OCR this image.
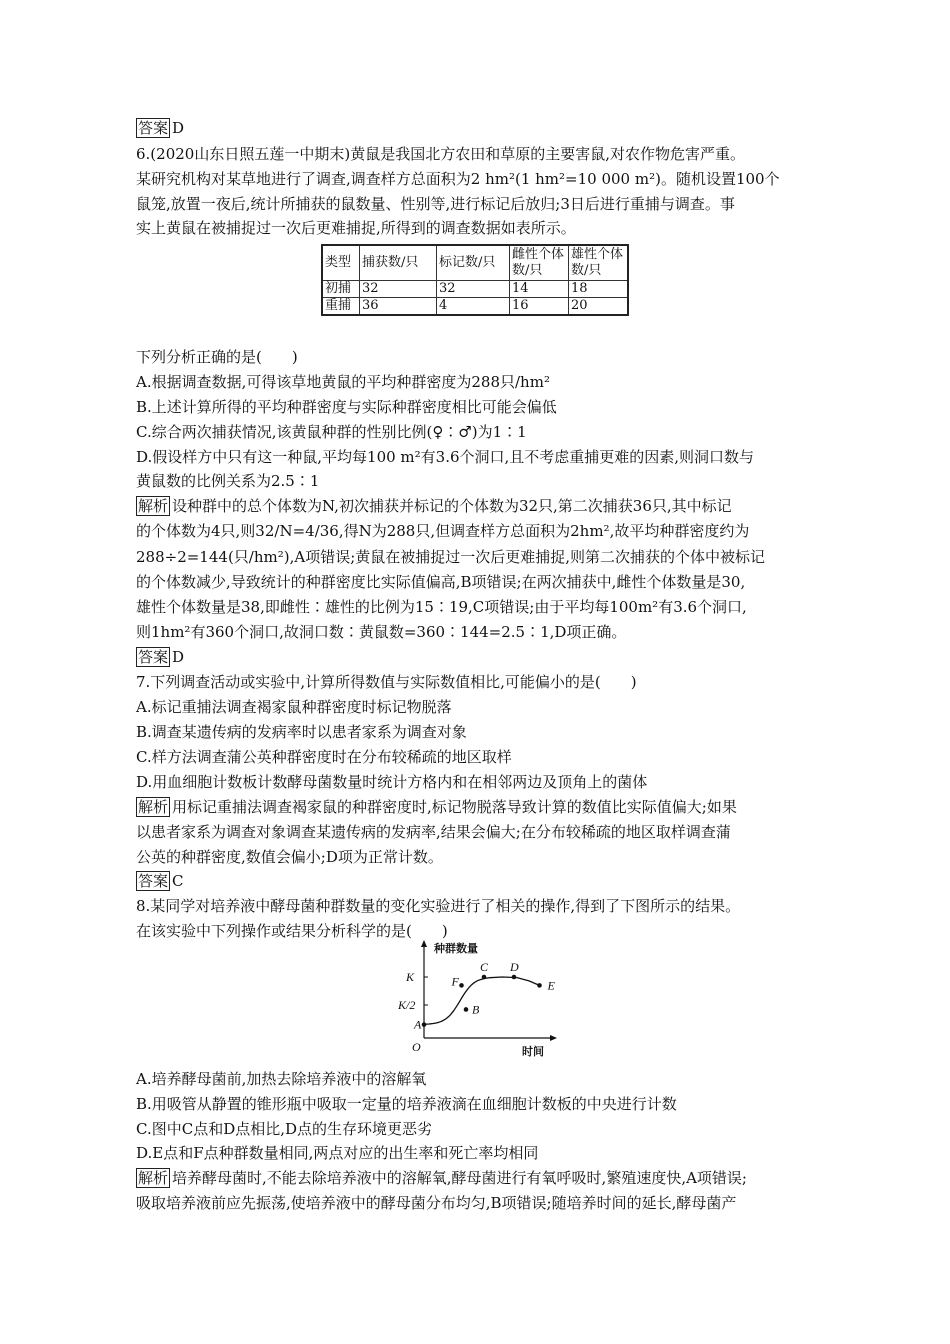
答案 D
6.(2020山东日照五莲一中期末)黄鼠是我国北方农田和草原的主要害鼠,对农作物危害严重。
某研究机构对某草地进行了调查,调查样方总面积为2 hm²(1 hm²=10 000 m²)。随机设置100个
鼠笼,放置一夜后,统计所捕获的鼠数量、性别等,进行标记后放归;3日后进行重捕与调查。事
实上黄鼠在被捕捉过一次后更难捕捉,所得到的调查数据如表所示。
类型	捕获数/只	标记数/只	雌性个体数/只	雄性个体数/只
初捕	32	32	14	18
重捕	36	4	16	20
下列分析正确的是(　　)
A.根据调查数据,可得该草地黄鼠的平均种群密度为288只/hm²
B.上述计算所得的平均种群密度与实际种群密度相比可能会偏低
C.综合两次捕获情况,该黄鼠种群的性别比例(♀∶♂)为1∶1
D.假设样方中只有这一种鼠,平均每100 m²有3.6个洞口,且不考虑重捕更难的因素,则洞口数与
黄鼠数的比例关系为2.5∶1
解析 设种群中的总个体数为N,初次捕获并标记的个体数为32只,第二次捕获36只,其中标记
的个体数为4只,则32/N=4/36,得N为288只,但调查样方总面积为2hm²,故平均种群密度约为
288÷2=144(只/hm²),A项错误;黄鼠在被捕捉过一次后更难捕捉,则第二次捕获的个体中被标记
的个体数减少,导致统计的种群密度比实际值偏高,B项错误;在两次捕获中,雌性个体数量是30,
雄性个体数量是38,即雌性∶雄性的比例为15∶19,C项错误;由于平均每100m²有3.6个洞口,
则1hm²有360个洞口,故洞口数∶黄鼠数=360∶144=2.5∶1,D项正确。
答案 D
7.下列调查活动或实验中,计算所得数值与实际数值相比,可能偏小的是(　　)
A.标记重捕法调查褐家鼠种群密度时标记物脱落
B.调查某遗传病的发病率时以患者家系为调查对象
C.样方法调查蒲公英种群密度时在分布较稀疏的地区取样
D.用血细胞计数板计数酵母菌数量时统计方格内和在相邻两边及顶角上的菌体
解析 用标记重捕法调查褐家鼠的种群密度时,标记物脱落导致计算的数值比实际值偏大;如果
以患者家系为调查对象调查某遗传病的发病率,结果会偏大;在分布较稀疏的地区取样调查蒲
公英的种群密度,数值会偏小;D项为正常计数。
答案 C
8.某同学对培养液中酵母菌种群数量的变化实验进行了相关的操作,得到了下图所示的结果。
在该实验中下列操作或结果分析科学的是(　　)
种群数量
时间
K
K/2
O
A
B
F
C D
E
A.培养酵母菌前,加热去除培养液中的溶解氧
B.用吸管从静置的锥形瓶中吸取一定量的培养液滴在血细胞计数板的中央进行计数
C.图中C点和D点相比,D点的生存环境更恶劣
D.E点和F点种群数量相同,两点对应的出生率和死亡率均相同
解析 培养酵母菌时,不能去除培养液中的溶解氧,酵母菌进行有氧呼吸时,繁殖速度快,A项错误;
吸取培养液前应先振荡,使培养液中的酵母菌分布均匀,B项错误;随培养时间的延长,酵母菌产
